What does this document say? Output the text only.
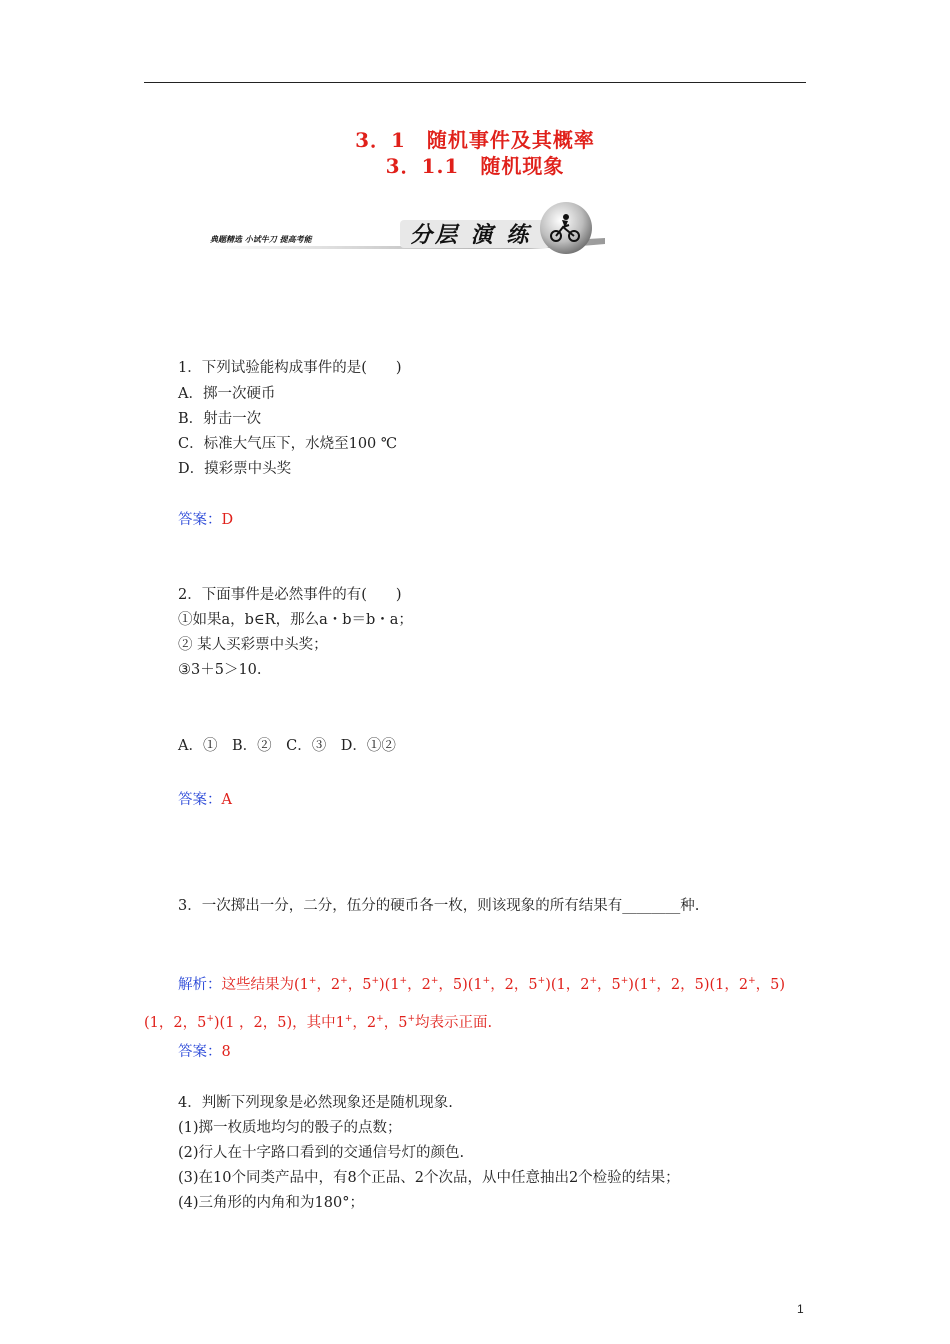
3．1　随机事件及其概率
3．1.1　随机现象
典题精选 小试牛刀 提高考能	分层 演 练
1．下列试验能构成事件的是(　　)
A．掷一次硬币
B．射击一次
C．标准大气压下，水烧至100 ℃
D．摸彩票中头奖
答案：D
2．下面事件是必然事件的有(　　)
①如果a，b∈R，那么a・b＝b・a；
② 某人买彩票中头奖；
③3＋5＞10.
A．①　B．②　C．③　D．①②
答案：A
3．一次掷出一分，二分，伍分的硬币各一枚，则该现象的所有结果有________种.
解析：这些结果为(1+，2+，5+)(1+，2+，5)(1+，2，5+)(1，2+，5+)(1+，2，5)(1，2+，5)
(1，2，5+)(1 ，2，5)，其中1+，2+，5+均表示正面.
答案：8
4．判断下列现象是必然现象还是随机现象.
(1)掷一枚质地均匀的骰子的点数；
(2)行人在十字路口看到的交通信号灯的颜色.
(3)在10个同类产品中，有8个正品、2个次品，从中任意抽出2个检验的结果；
(4)三角形的内角和为180°；
1
